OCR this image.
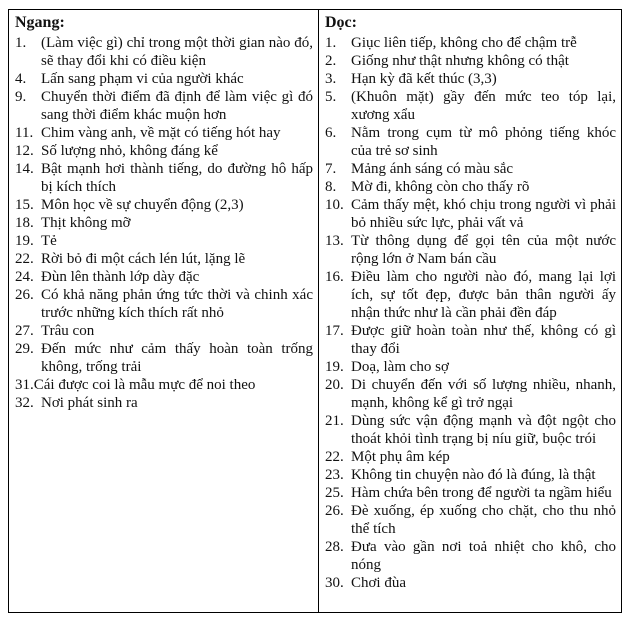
Ngang:
1. (Làm việc gì) chỉ trong một thời gian nào đó, sẽ thay đổi khi có điều kiện
4. Lấn sang phạm vi của người khác
9. Chuyển thời điểm đã định để làm việc gì đó sang thời điểm khác muộn hơn
11. Chim vàng anh, về mặt có tiếng hót hay
12. Số lượng nhỏ, không đáng kể
14. Bật mạnh hơi thành tiếng, do đường hô hấp bị kích thích
15. Môn học về sự chuyển động (2,3)
18. Thịt không mỡ
19. Tẻ
22. Rời bỏ đi một cách lén lút, lặng lẽ
24. Đùn lên thành lớp dày đặc
26. Có khả năng phản ứng tức thời và chinh xác trước những kích thích rất nhỏ
27. Trâu con
29. Đến mức như cảm thấy hoàn toàn trống không, trống trải
31.Cái được coi là mẫu mực để noi theo
32. Nơi phát sinh ra
Dọc:
1. Giục liên tiếp, không cho để chậm trễ
2. Giống như thật nhưng không có thật
3. Hạn kỳ đã kết thúc (3,3)
5. (Khuôn mặt) gầy đến mức teo tóp lại, xương xẩu
6. Nằm trong cụm từ mô phỏng tiếng khóc của trẻ sơ sinh
7. Mảng ánh sáng có màu sắc
8. Mờ đi, không còn cho thấy rõ
10. Cảm thấy mệt, khó chịu trong người vì phải bỏ nhiều sức lực, phải vất vả
13. Từ thông dụng để gọi tên của một nước rộng lớn ở Nam bán cầu
16. Điều làm cho người nào đó, mang lại lợi ích, sự tốt đẹp, được bản thân người ấy nhận thức như là cần phải đền đáp
17. Được giữ hoàn toàn như thế, không có gì thay đổi
19. Doạ, làm cho sợ
20. Di chuyển đến với số lượng nhiều, nhanh, mạnh, không kể gì trở ngại
21. Dùng sức vận động mạnh và đột ngột cho thoát khỏi tình trạng bị níu giữ, buộc trói
22. Một phụ âm kép
23. Không tin chuyện nào đó là đúng, là thật
25. Hàm chứa bên trong để người ta ngầm hiểu
26. Đè xuống, ép xuống cho chặt, cho thu nhỏ thể tích
28. Đưa vào gần nơi toả nhiệt cho khô, cho nóng
30. Chơi đùa
